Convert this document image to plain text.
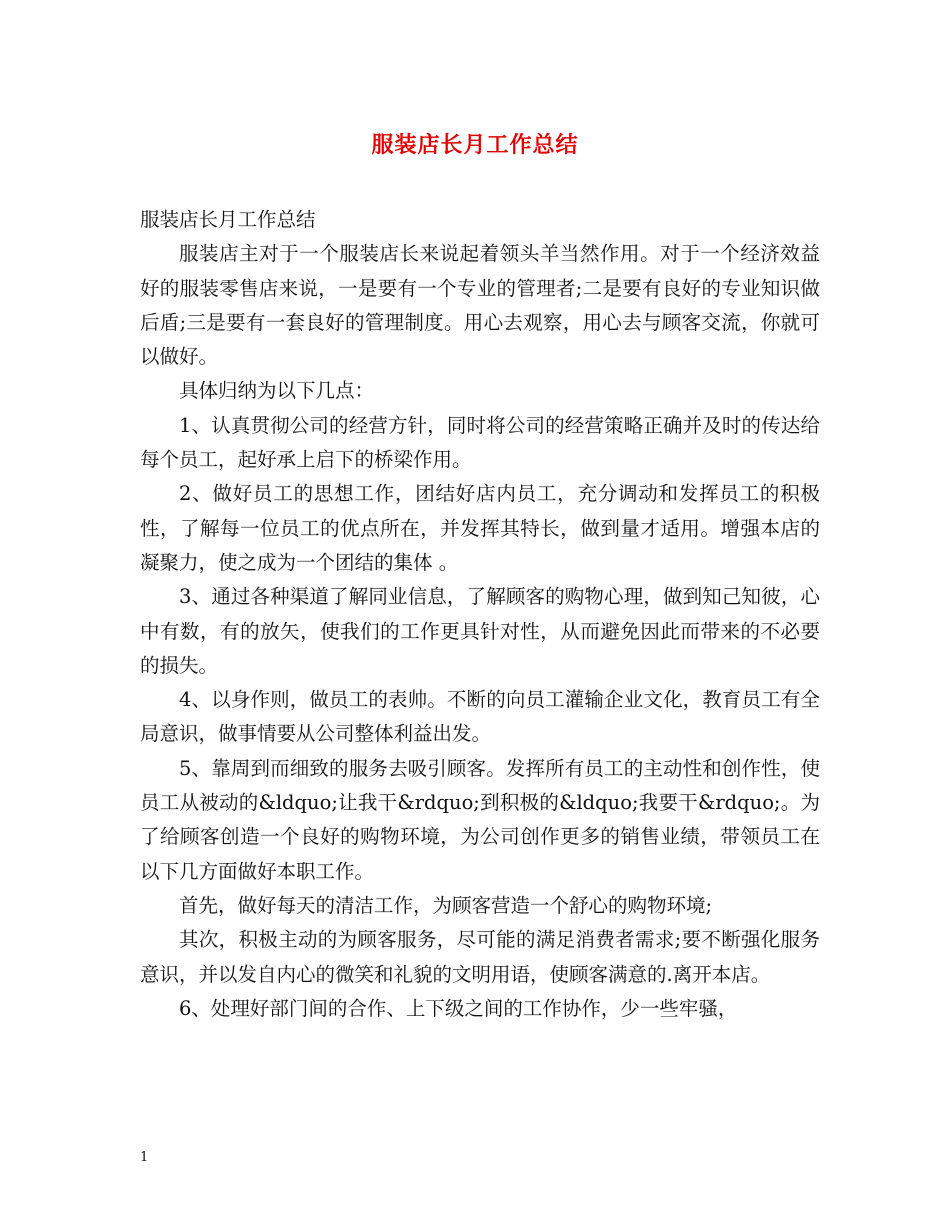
服装店长月工作总结

服装店长月工作总结

服装店主对于一个服装店长来说起着领头羊当然作用。对于一个经济效益好的服装零售店来说，一是要有一个专业的管理者;二是要有良好的专业知识做后盾;三是要有一套良好的管理制度。用心去观察，用心去与顾客交流，你就可以做好。

具体归纳为以下几点：

1、认真贯彻公司的经营方针，同时将公司的经营策略正确并及时的传达给每个员工，起好承上启下的桥梁作用。

2、做好员工的思想工作，团结好店内员工，充分调动和发挥员工的积极性，了解每一位员工的优点所在，并发挥其特长，做到量才适用。增强本店的凝聚力，使之成为一个团结的集体 。

3、通过各种渠道了解同业信息，了解顾客的购物心理，做到知己知彼，心中有数，有的放矢，使我们的工作更具针对性，从而避免因此而带来的不必要的损失。

4、以身作则，做员工的表帅。不断的向员工灌输企业文化，教育员工有全局意识，做事情要从公司整体利益出发。

5、靠周到而细致的服务去吸引顾客。发挥所有员工的主动性和创作性，使员工从被动的&ldquo;让我干&rdquo;到积极的&ldquo;我要干&rdquo;。为了给顾客创造一个良好的购物环境，为公司创作更多的销售业绩，带领员工在以下几方面做好本职工作。

首先，做好每天的清洁工作，为顾客营造一个舒心的购物环境;

其次，积极主动的为顾客服务，尽可能的满足消费者需求;要不断强化服务意识，并以发自内心的微笑和礼貌的文明用语，使顾客满意的.离开本店。

6、处理好部门间的合作、上下级之间的工作协作，少一些牢骚，

1
